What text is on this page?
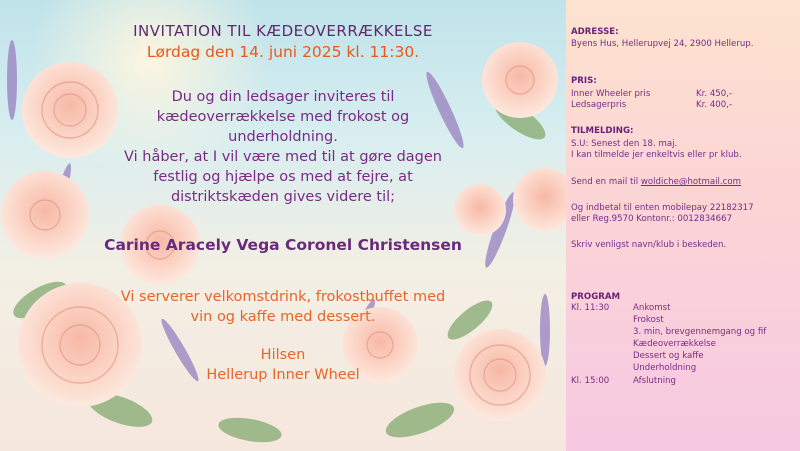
INVITATION TIL KÆDEOVERRÆKKELSE
Lørdag den 14. juni 2025 kl. 11:30.
Du og din ledsager inviteres til
kædeoverrækkelse med frokost og
underholdning.
Vi håber, at I vil være med til at gøre dagen
festlig og hjælpe os med at fejre, at
distriktskæden gives videre til;
Carine Aracely Vega Coronel Christensen
Vi serverer velkomstdrink, frokostbuffet med
vin og kaffe med dessert.
Hilsen
Hellerup Inner Wheel
ADRESSE:
Byens Hus, Hellerupvej 24, 2900 Hellerup.
PRIS:
Inner Wheeler pris	Kr. 450,-
Ledsagerpris	Kr. 400,-
TILMELDING:
S.U: Senest den 18. maj.
I kan tilmelde jer enkeltvis eller pr klub.
Send en mail til woldiche@hotmail.com
Og indbetal til enten mobilepay 22182317
eller Reg.9570 Kontonr.: 0012834667
Skriv venligst navn/klub i beskeden.
PROGRAM
Kl. 11:30	Ankomst
Frokost
3. min, brevgennemgang og fif
Kædeoverrækkelse
Dessert og kaffe
Underholdning
Kl. 15:00	Afslutning
